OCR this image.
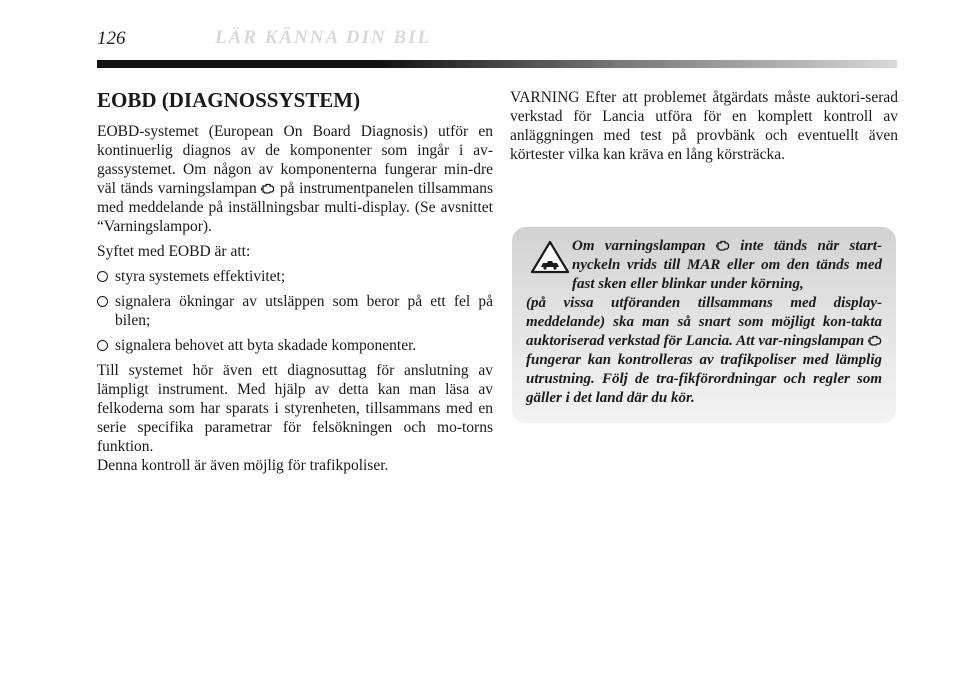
126	LÄR KÄNNA DIN BIL
EOBD (DIAGNOSSYSTEM)

EOBD-systemet (European On Board Diagnosis) utför en kontinuerlig diagnos av de komponenter som ingår i av-gassystemet. Om någon av komponenterna fungerar min-dre väl tänds varningslampan på instrumentpanelen tillsammans med meddelande på inställningsbar multi-display. (Se avsnittet “Varningslampor).

Syftet med EOBD är att:

styra systemets effektivitet;
signalera ökningar av utsläppen som beror på ett fel på bilen;
signalera behovet att byta skadade komponenter.

Till systemet hör även ett diagnosuttag för anslutning av lämpligt instrument. Med hjälp av detta kan man läsa av felkoderna som har sparats i styrenheten, tillsammans med en serie specifika parametrar för felsökningen och mo-torns funktion.

Denna kontroll är även möjlig för trafikpoliser.

VARNING Efter att problemet åtgärdats måste auktori-serad verkstad för Lancia utföra för en komplett kontroll av anläggningen med test på provbänk och eventuellt även körtester vilka kan kräva en lång körsträcka.

Om varningslampan inte tänds när start-nyckeln vrids till MAR eller om den tänds med fast sken eller blinkar under körning,
(på vissa utföranden tillsammans med display-meddelande) ska man så snart som möjligt kon-takta auktoriserad verkstad för Lancia. Att var-ningslampan  fungerar kan kontrolleras av trafikpoliser med lämplig utrustning. Följ de tra-fikförordningar och regler som gäller i det land där du kör.
